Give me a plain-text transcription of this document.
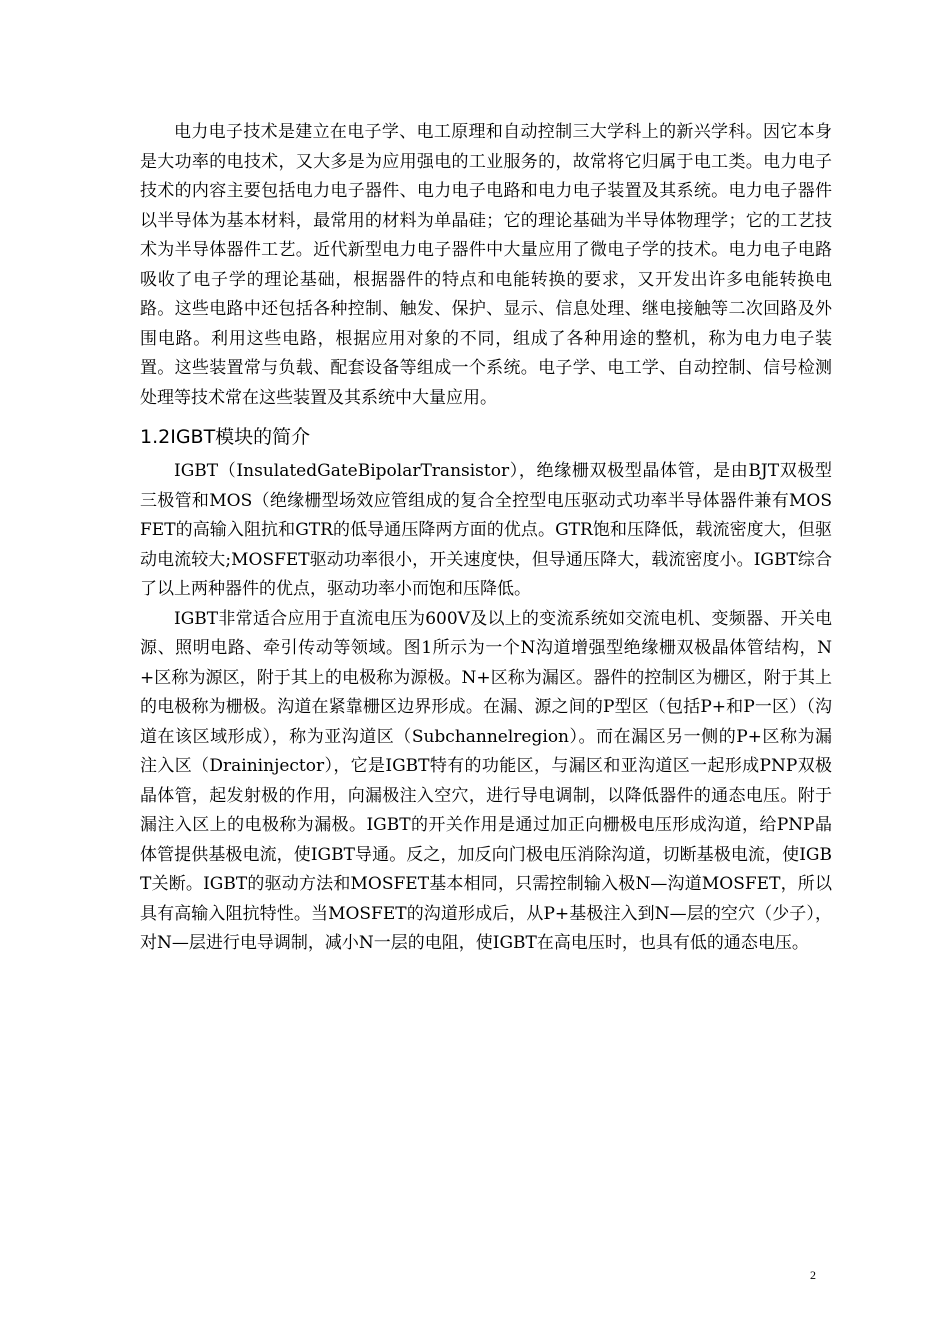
电力电子技术是建立在电子学、电工原理和自动控制三大学科上的新兴学科。因它本身是大功率的电技术，又大多是为应用强电的工业服务的，故常将它归属于电工类。电力电子技术的内容主要包括电力电子器件、电力电子电路和电力电子装置及其系统。电力电子器件以半导体为基本材料，最常用的材料为单晶硅；它的理论基础为半导体物理学；它的工艺技术为半导体器件工艺。近代新型电力电子器件中大量应用了微电子学的技术。电力电子电路吸收了电子学的理论基础，根据器件的特点和电能转换的要求，又开发出许多电能转换电路。这些电路中还包括各种控制、触发、保护、显示、信息处理、继电接触等二次回路及外围电路。利用这些电路，根据应用对象的不同，组成了各种用途的整机，称为电力电子装置。这些装置常与负载、配套设备等组成一个系统。电子学、电工学、自动控制、信号检测处理等技术常在这些装置及其系统中大量应用。

1.2IGBT模块的简介

IGBT（InsulatedGateBipolarTransistor），绝缘栅双极型晶体管，是由BJT双极型三极管和MOS（绝缘栅型场效应管组成的复合全控型电压驱动式功率半导体器件兼有MOSFET的高输入阻抗和GTR的低导通压降两方面的优点。GTR饱和压降低，载流密度大，但驱动电流较大;MOSFET驱动功率很小，开关速度快，但导通压降大，载流密度小。IGBT综合了以上两种器件的优点，驱动功率小而饱和压降低。

IGBT非常适合应用于直流电压为600V及以上的变流系统如交流电机、变频器、开关电源、照明电路、牵引传动等领域。图1所示为一个N沟道增强型绝缘栅双极晶体管结构，N+区称为源区，附于其上的电极称为源极。N+区称为漏区。器件的控制区为栅区，附于其上的电极称为栅极。沟道在紧靠栅区边界形成。在漏、源之间的P型区（包括P+和P一区）（沟道在该区域形成），称为亚沟道区（Subchannelregion）。而在漏区另一侧的P+区称为漏注入区（Draininjector），它是IGBT特有的功能区，与漏区和亚沟道区一起形成PNP双极晶体管，起发射极的作用，向漏极注入空穴，进行导电调制，以降低器件的通态电压。附于漏注入区上的电极称为漏极。IGBT的开关作用是通过加正向栅极电压形成沟道，给PNP晶体管提供基极电流，使IGBT导通。反之，加反向门极电压消除沟道，切断基极电流，使IGBT关断。IGBT的驱动方法和MOSFET基本相同，只需控制输入极N—沟道MOSFET，所以具有高输入阻抗特性。当MOSFET的沟道形成后，从P+基极注入到N—层的空穴（少子），对N—层进行电导调制，减小N一层的电阻，使IGBT在高电压时，也具有低的通态电压。

2
